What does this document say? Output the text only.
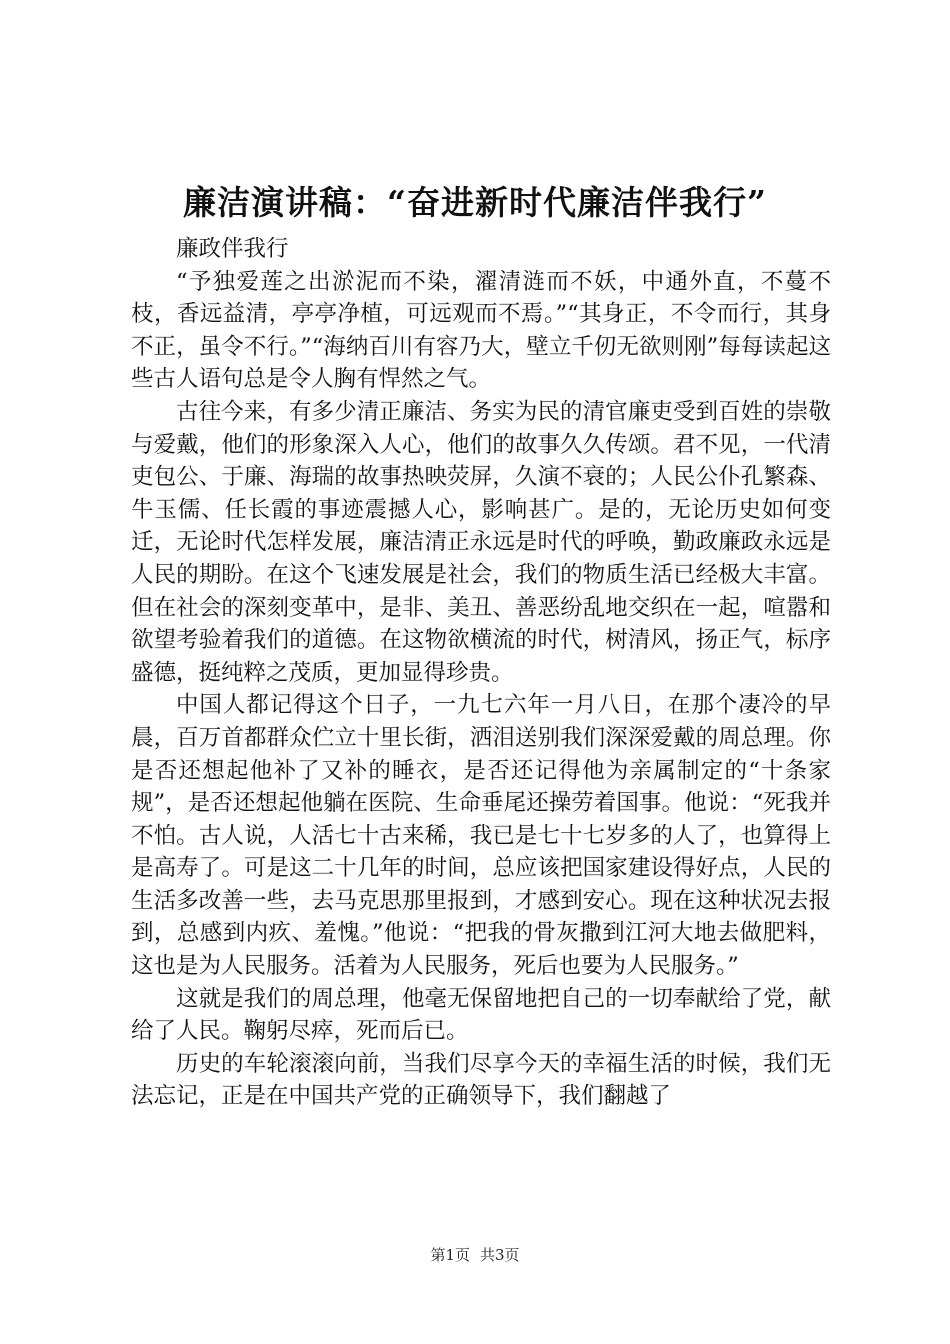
廉洁演讲稿：“奋进新时代廉洁伴我行”

廉政伴我行

“予独爱莲之出淤泥而不染，濯清涟而不妖，中通外直，不蔓不枝，香远益清，亭亭净植，可远观而不焉。”“其身正，不令而行，其身不正，虽令不行。”“海纳百川有容乃大，壁立千仞无欲则刚”每每读起这些古人语句总是令人胸有悍然之气。

古往今来，有多少清正廉洁、务实为民的清官廉吏受到百姓的崇敬与爱戴，他们的形象深入人心，他们的故事久久传颂。君不见，一代清吏包公、于廉、海瑞的故事热映荧屏，久演不衰的；人民公仆孔繁森、牛玉儒、任长霞的事迹震撼人心，影响甚广。是的，无论历史如何变迁，无论时代怎样发展，廉洁清正永远是时代的呼唤，勤政廉政永远是人民的期盼。在这个飞速发展是社会，我们的物质生活已经极大丰富。但在社会的深刻变革中，是非、美丑、善恶纷乱地交织在一起，喧嚣和欲望考验着我们的道德。在这物欲横流的时代，树清风，扬正气，标序盛德，挺纯粹之茂质，更加显得珍贵。

中国人都记得这个日子，一九七六年一月八日，在那个凄冷的早晨，百万首都群众伫立十里长街，洒泪送别我们深深爱戴的周总理。你是否还想起他补了又补的睡衣，是否还记得他为亲属制定的“十条家规”，是否还想起他躺在医院、生命垂尾还操劳着国事。他说：“死我并不怕。古人说，人活七十古来稀，我已是七十七岁多的人了，也算得上是高寿了。可是这二十几年的时间，总应该把国家建设得好点，人民的生活多改善一些，去马克思那里报到，才感到安心。现在这种状况去报到，总感到内疚、羞愧。”他说：“把我的骨灰撒到江河大地去做肥料，这也是为人民服务。活着为人民服务，死后也要为人民服务。”

这就是我们的周总理，他毫无保留地把自己的一切奉献给了党，献给了人民。鞠躬尽瘁，死而后已。

历史的车轮滚滚向前，当我们尽享今天的幸福生活的时候，我们无法忘记，正是在中国共产党的正确领导下，我们翻越了

第1页 共3页
